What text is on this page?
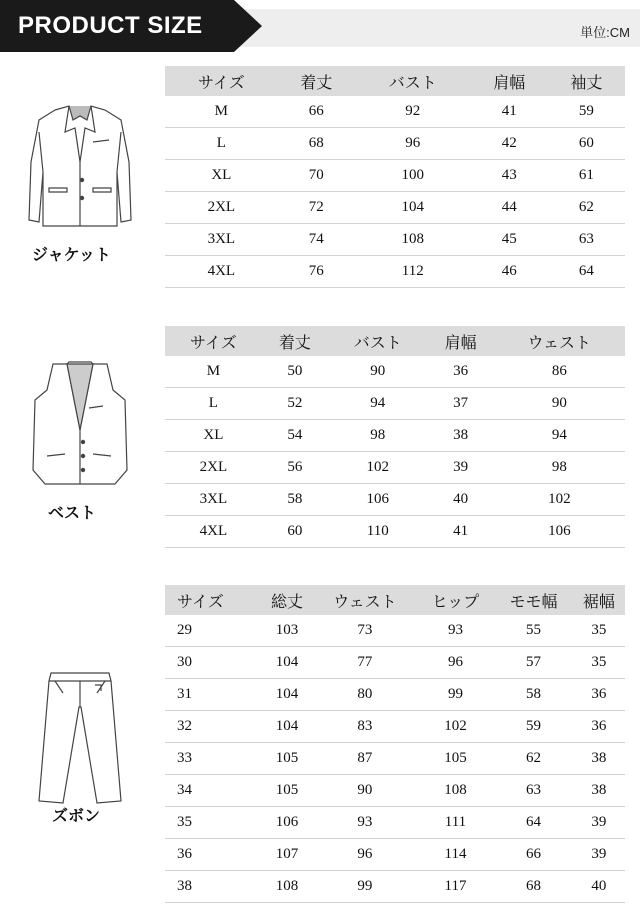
PRODUCT SIZE	単位:CM
ジャケット
サイズ	着丈	バスト	肩幅	袖丈
M	66	92	41	59
L	68	96	42	60
XL	70	100	43	61
2XL	72	104	44	62
3XL	74	108	45	63
4XL	76	112	46	64
ベスト
サイズ	着丈	バスト	肩幅	ウェスト
M	50	90	36	86
L	52	94	37	90
XL	54	98	38	94
2XL	56	102	39	98
3XL	58	106	40	102
4XL	60	110	41	106
ズボン
サイズ	総丈	ウェスト	ヒップ	モモ幅	裾幅
29	103	73	93	55	35
30	104	77	96	57	35
31	104	80	99	58	36
32	104	83	102	59	36
33	105	87	105	62	38
34	105	90	108	63	38
35	106	93	111	64	39
36	107	96	114	66	39
38	108	99	117	68	40
